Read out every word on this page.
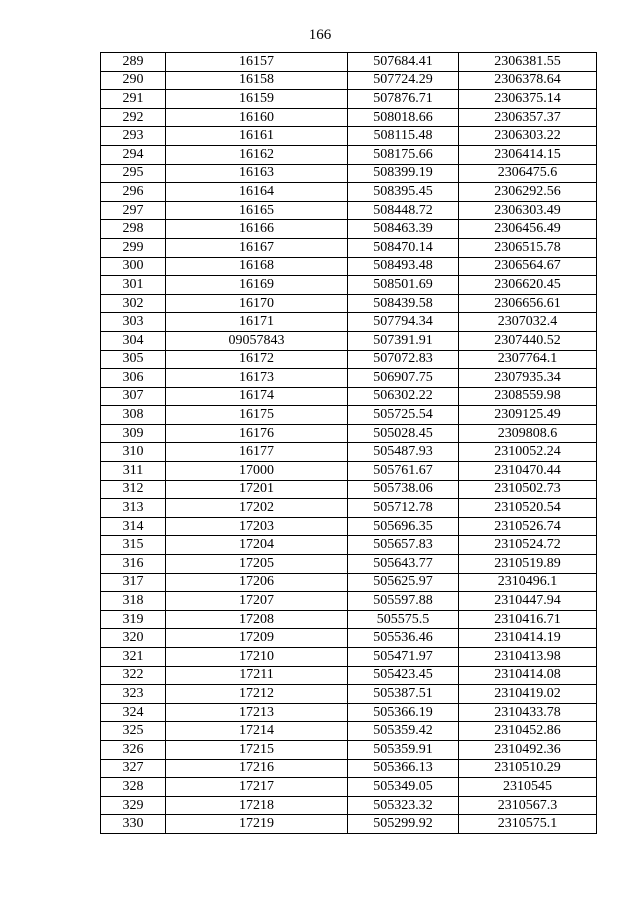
166
289	16157	507684.41	2306381.55
290	16158	507724.29	2306378.64
291	16159	507876.71	2306375.14
292	16160	508018.66	2306357.37
293	16161	508115.48	2306303.22
294	16162	508175.66	2306414.15
295	16163	508399.19	2306475.6
296	16164	508395.45	2306292.56
297	16165	508448.72	2306303.49
298	16166	508463.39	2306456.49
299	16167	508470.14	2306515.78
300	16168	508493.48	2306564.67
301	16169	508501.69	2306620.45
302	16170	508439.58	2306656.61
303	16171	507794.34	2307032.4
304	09057843	507391.91	2307440.52
305	16172	507072.83	2307764.1
306	16173	506907.75	2307935.34
307	16174	506302.22	2308559.98
308	16175	505725.54	2309125.49
309	16176	505028.45	2309808.6
310	16177	505487.93	2310052.24
311	17000	505761.67	2310470.44
312	17201	505738.06	2310502.73
313	17202	505712.78	2310520.54
314	17203	505696.35	2310526.74
315	17204	505657.83	2310524.72
316	17205	505643.77	2310519.89
317	17206	505625.97	2310496.1
318	17207	505597.88	2310447.94
319	17208	505575.5	2310416.71
320	17209	505536.46	2310414.19
321	17210	505471.97	2310413.98
322	17211	505423.45	2310414.08
323	17212	505387.51	2310419.02
324	17213	505366.19	2310433.78
325	17214	505359.42	2310452.86
326	17215	505359.91	2310492.36
327	17216	505366.13	2310510.29
328	17217	505349.05	2310545
329	17218	505323.32	2310567.3
330	17219	505299.92	2310575.1
